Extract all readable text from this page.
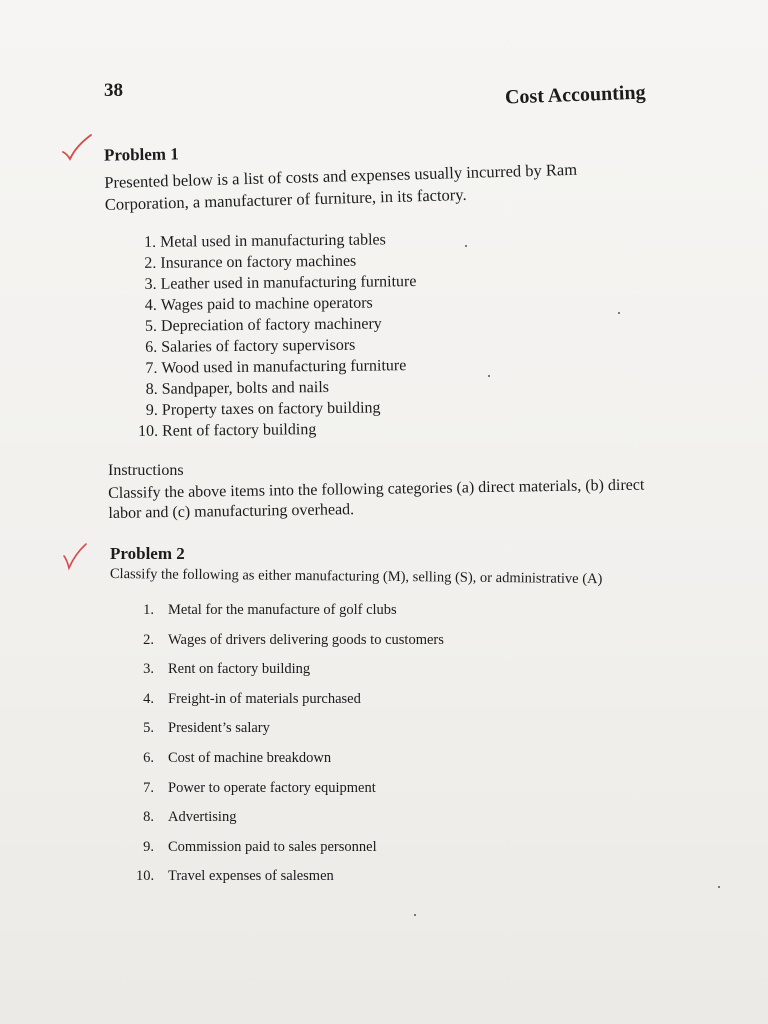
38	Cost Accounting
Problem 1
Presented below is a list of costs and expenses usually incurred by Ram Corporation, a manufacturer of furniture, in its factory.
1. Metal used in manufacturing tables
2. Insurance on factory machines
3. Leather used in manufacturing furniture
4. Wages paid to machine operators
5. Depreciation of factory machinery
6. Salaries of factory supervisors
7. Wood used in manufacturing furniture
8. Sandpaper, bolts and nails
9. Property taxes on factory building
10. Rent of factory building
Instructions
Classify the above items into the following categories (a) direct materials, (b) direct labor and (c) manufacturing overhead.
Problem 2
Classify the following as either manufacturing (M), selling (S), or administrative (A)
1. Metal for the manufacture of golf clubs
2. Wages of drivers delivering goods to customers
3. Rent on factory building
4. Freight-in of materials purchased
5. President’s salary
6. Cost of machine breakdown
7. Power to operate factory equipment
8. Advertising
9. Commission paid to sales personnel
10. Travel expenses of salesmen
